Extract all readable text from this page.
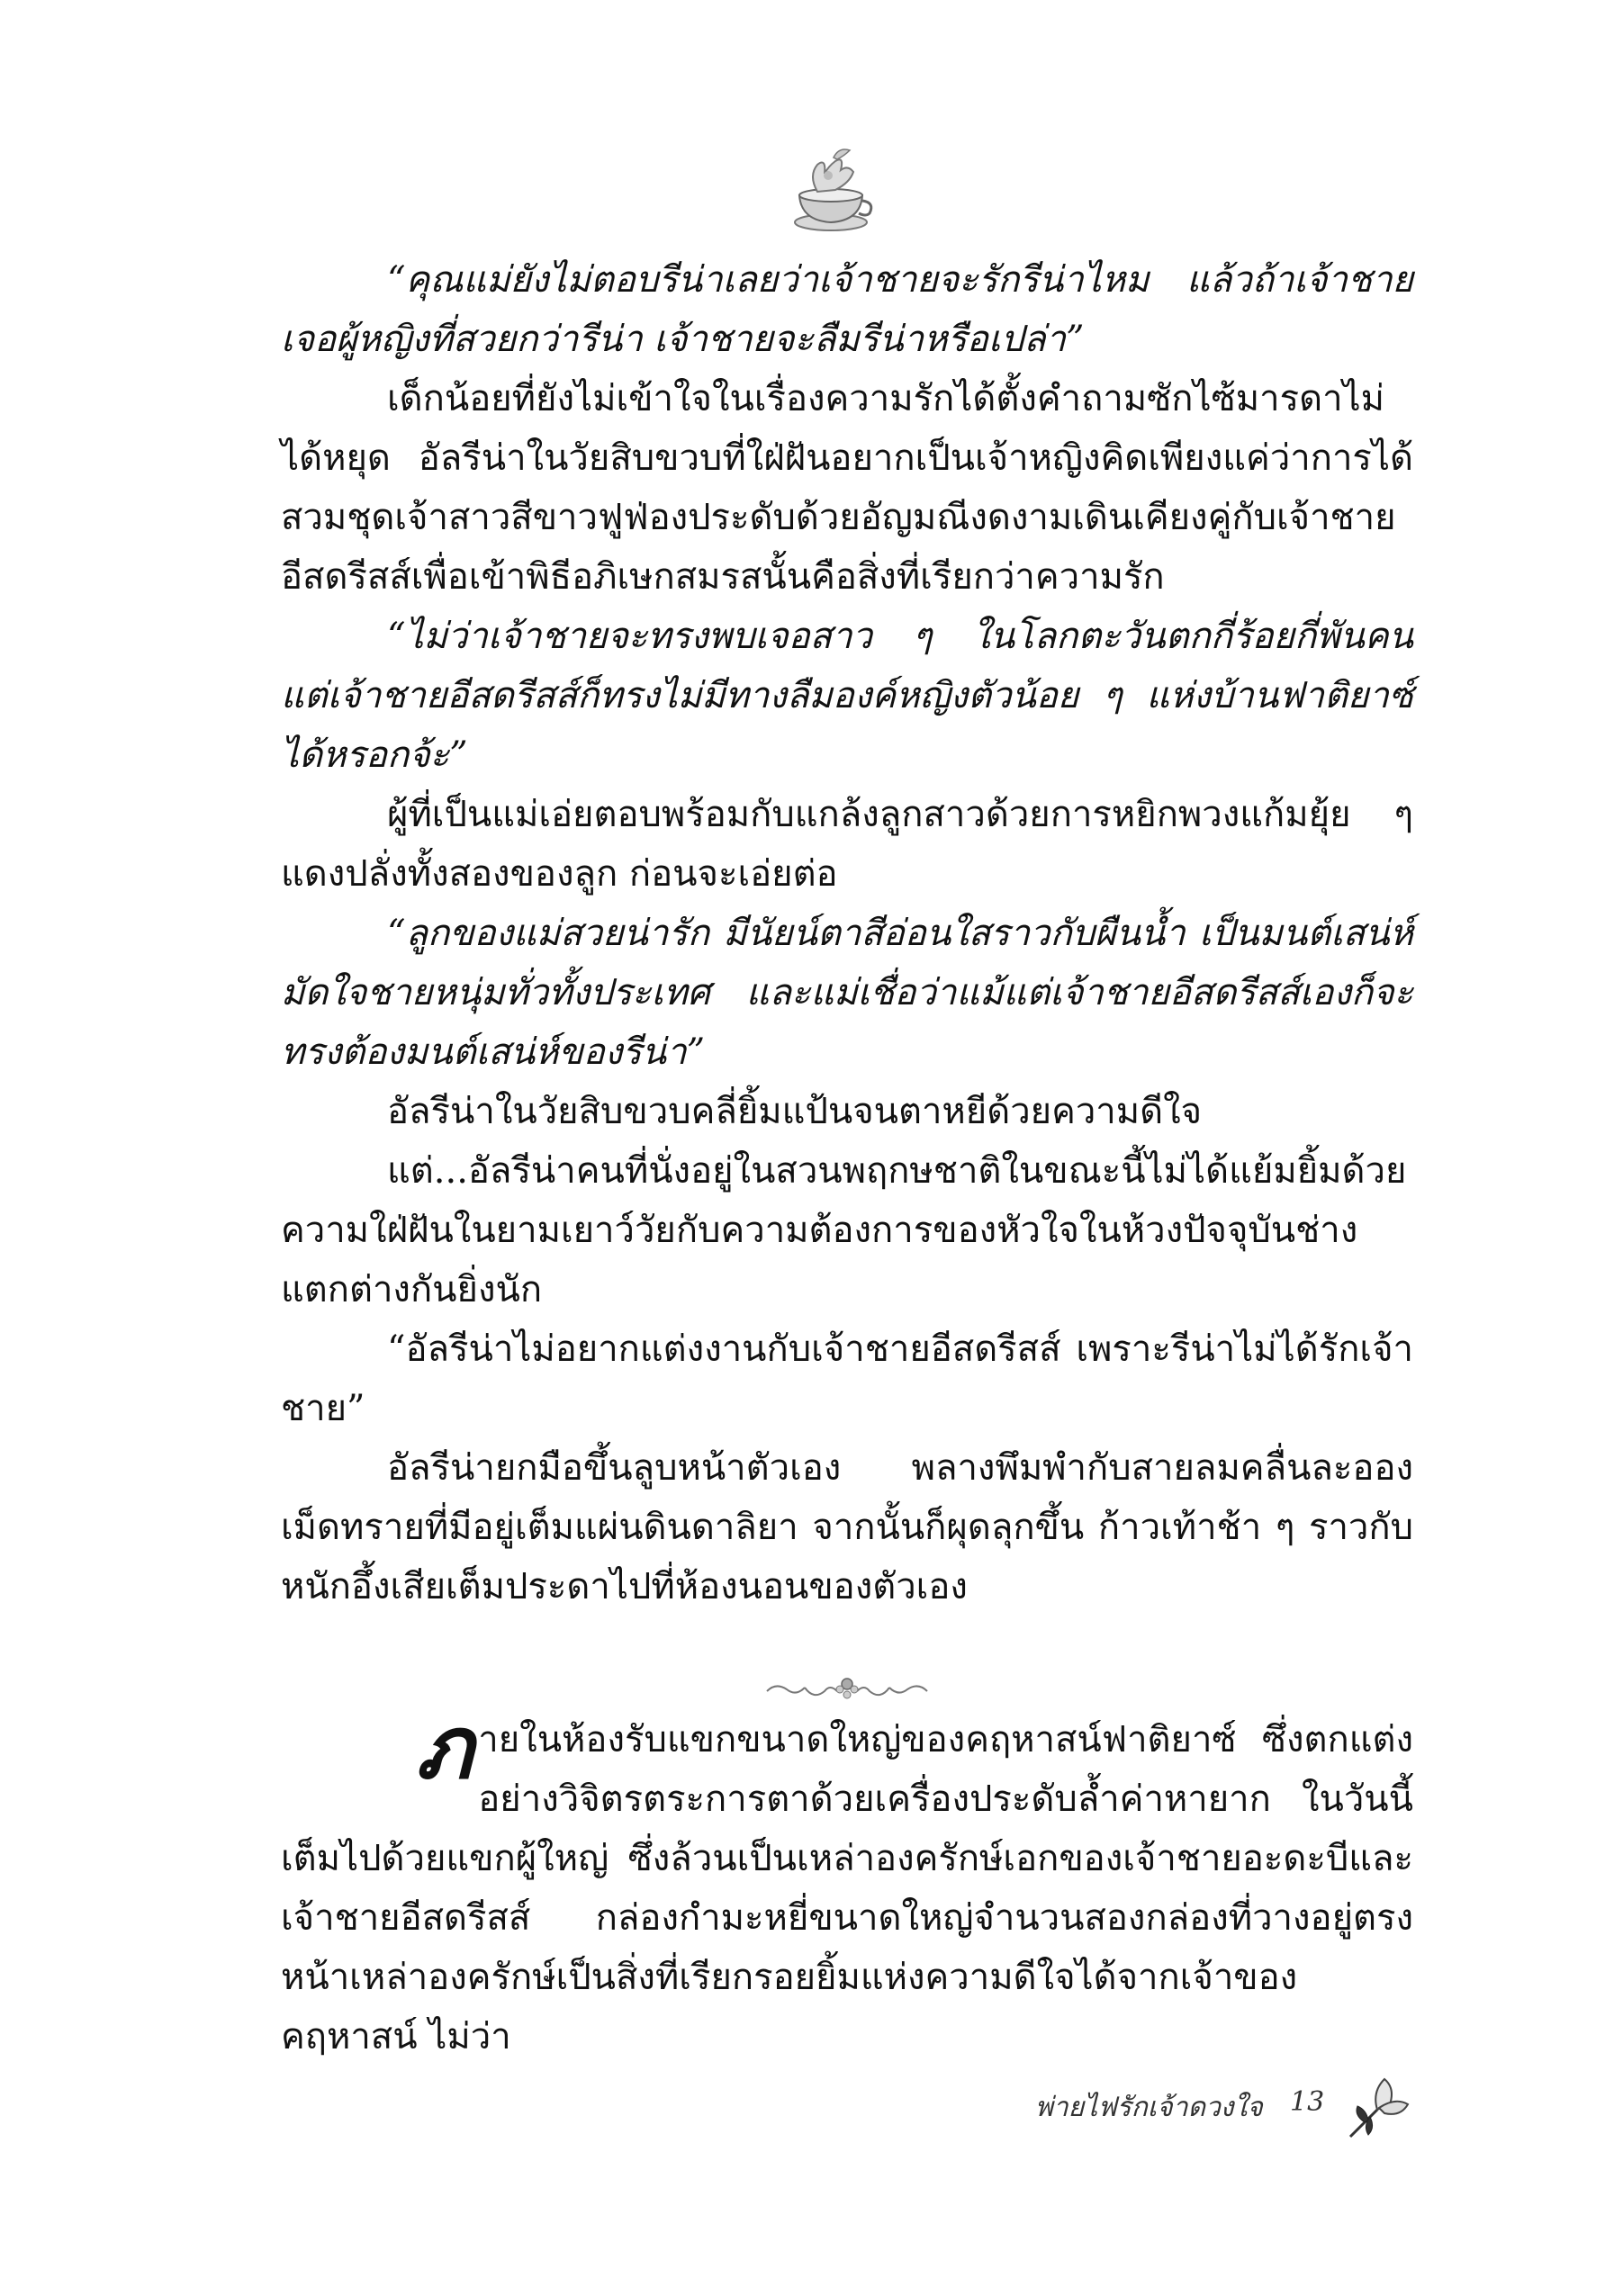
“คุณแม่ยังไม่ตอบรีน่าเลยว่าเจ้าชายจะรักรีน่าไหม แล้วถ้าเจ้าชายเจอผู้หญิงที่สวยกว่ารีน่า เจ้าชายจะลืมรีน่าหรือเปล่า”

เด็กน้อยที่ยังไม่เข้าใจในเรื่องความรักได้ตั้งคำถามซักไซ้มารดาไม่ได้หยุด อัลรีน่าในวัยสิบขวบที่ใฝ่ฝันอยากเป็นเจ้าหญิงคิดเพียงแค่ว่าการได้สวมชุดเจ้าสาวสีขาวฟูฟ่องประดับด้วยอัญมณีงดงามเดินเคียงคู่กับเจ้าชายอีสดรีสส์เพื่อเข้าพิธีอภิเษกสมรสนั้นคือสิ่งที่เรียกว่าความรัก

“ไม่ว่าเจ้าชายจะทรงพบเจอสาว ๆ ในโลกตะวันตกกี่ร้อยกี่พันคน แต่เจ้าชายอีสดรีสส์ก็ทรงไม่มีทางลืมองค์หญิงตัวน้อย ๆ แห่งบ้านฟาติยาซ์ได้หรอกจ้ะ”

ผู้ที่เป็นแม่เอ่ยตอบพร้อมกับแกล้งลูกสาวด้วยการหยิกพวงแก้มยุ้ย ๆ แดงปลั่งทั้งสองของลูก ก่อนจะเอ่ยต่อ

“ลูกของแม่สวยน่ารัก มีนัยน์ตาสีอ่อนใสราวกับผืนน้ำ เป็นมนต์เสน่ห์มัดใจชายหนุ่มทั่วทั้งประเทศ และแม่เชื่อว่าแม้แต่เจ้าชายอีสดรีสส์เองก็จะทรงต้องมนต์เสน่ห์ของรีน่า”

อัลรีน่าในวัยสิบขวบคลี่ยิ้มแป้นจนตาหยีด้วยความดีใจ

แต่...อัลรีน่าคนที่นั่งอยู่ในสวนพฤกษชาติในขณะนี้ไม่ได้แย้มยิ้มด้วย ความใฝ่ฝันในยามเยาว์วัยกับความต้องการของหัวใจในห้วงปัจจุบันช่างแตกต่างกันยิ่งนัก

“อัลรีน่าไม่อยากแต่งงานกับเจ้าชายอีสดรีสส์ เพราะรีน่าไม่ได้รักเจ้าชาย”

อัลรีน่ายกมือขึ้นลูบหน้าตัวเอง พลางพึมพำกับสายลมคลื่นละอองเม็ดทรายที่มีอยู่เต็มแผ่นดินดาลิยา จากนั้นก็ผุดลุกขึ้น ก้าวเท้าช้า ๆ ราวกับหนักอึ้งเสียเต็มประดาไปที่ห้องนอนของตัวเอง

ภายในห้องรับแขกขนาดใหญ่ของคฤหาสน์ฟาติยาซ์ ซึ่งตกแต่งอย่างวิจิตรตระการตาด้วยเครื่องประดับล้ำค่าหายาก ในวันนี้เต็มไปด้วยแขกผู้ใหญ่ ซึ่งล้วนเป็นเหล่าองครักษ์เอกของเจ้าชายอะดะบีและเจ้าชายอีสดรีสส์ กล่องกำมะหยี่ขนาดใหญ่จำนวนสองกล่องที่วางอยู่ตรงหน้าเหล่าองครักษ์เป็นสิ่งที่เรียกรอยยิ้มแห่งความดีใจได้จากเจ้าของคฤหาสน์ ไม่ว่า

พ่ายไฟรักเจ้าดวงใจ 13
